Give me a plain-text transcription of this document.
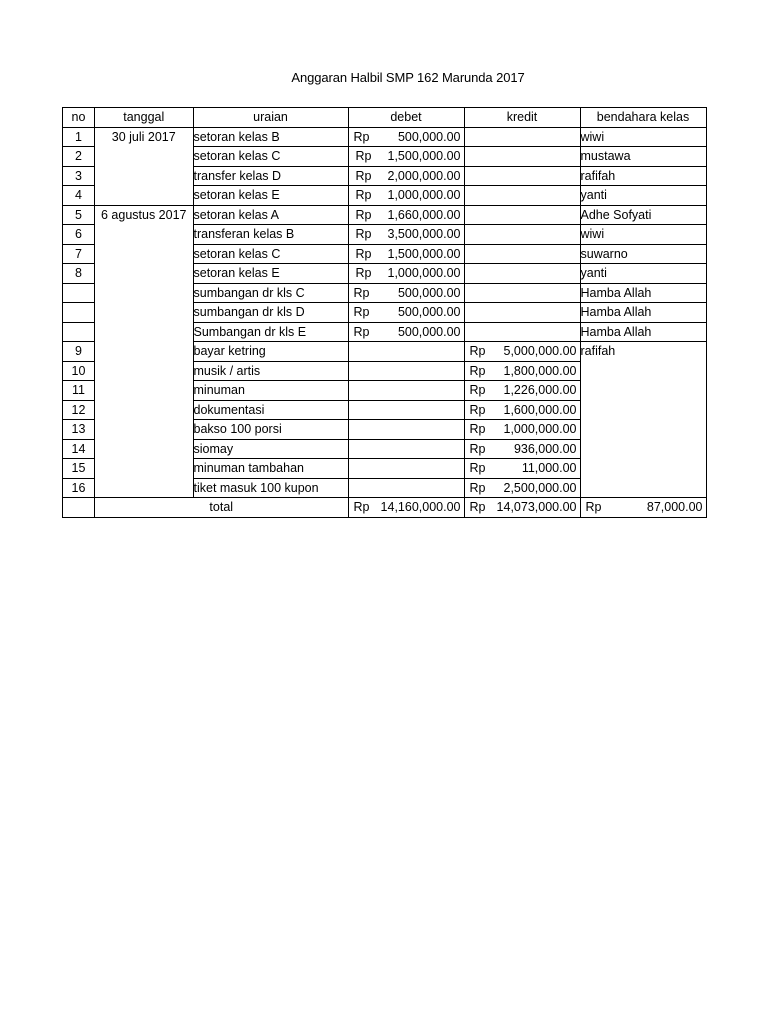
Anggaran Halbil SMP 162 Marunda 2017
no	tanggal	uraian	debet	kredit	bendahara kelas
1	30 juli 2017	setoran kelas B	Rp 500,000.00		wiwi
2		setoran kelas C	Rp 1,500,000.00		mustawa
3		transfer kelas D	Rp 2,000,000.00		rafifah
4		setoran kelas E	Rp 1,000,000.00		yanti
5	6 agustus 2017	setoran kelas A	Rp 1,660,000.00		Adhe Sofyati
6		transferan kelas B	Rp 3,500,000.00		wiwi
7		setoran kelas C	Rp 1,500,000.00		suwarno
8		setoran kelas E	Rp 1,000,000.00		yanti
		sumbangan dr kls C	Rp 500,000.00		Hamba Allah
		sumbangan dr kls D	Rp 500,000.00		Hamba Allah
		Sumbangan dr kls E	Rp 500,000.00		Hamba Allah
9		bayar ketring		Rp 5,000,000.00	rafifah
10		musik / artis		Rp 1,800,000.00	

11		minuman		Rp 1,226,000.00	

12		dokumentasi		Rp 1,600,000.00	

13		bakso 100 porsi		Rp 1,000,000.00	

14		siomay		Rp 936,000.00	

15		minuman tambahan		Rp 11,000.00	

16		tiket masuk 100 kupon		Rp 2,500,000.00	

	total		Rp 14,160,000.00	Rp 14,073,000.00	Rp 87,000.00
